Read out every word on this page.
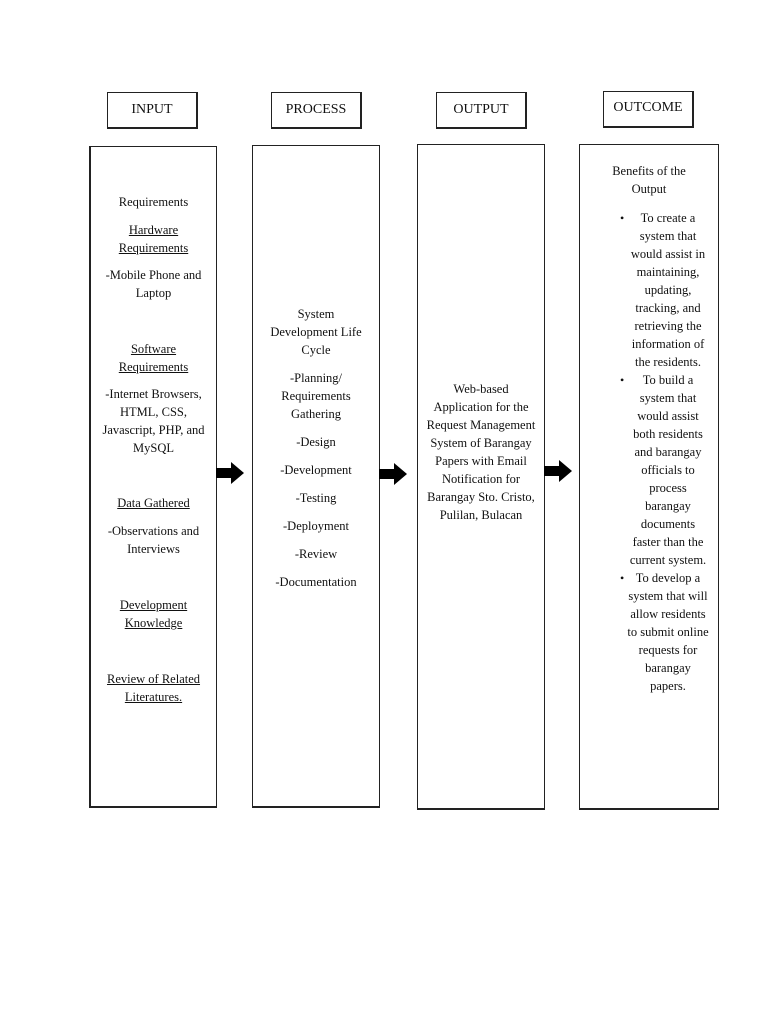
INPUT	PROCESS	OUTPUT	OUTCOME

Requirements

Hardware Requirements

-Mobile Phone and Laptop

Software Requirements

-Internet Browsers, HTML, CSS, Javascript, PHP, and MySQL

Data Gathered

-Observations and Interviews

Development Knowledge

Review of Related Literatures.

System Development Life Cycle

-Planning/ Requirements Gathering

-Design

-Development

-Testing

-Deployment

-Review

-Documentation

Web-based Application for the Request Management System of Barangay Papers with Email Notification for Barangay Sto. Cristo, Pulilan, Bulacan

Benefits of the Output

• To create a system that would assist in maintaining, updating, tracking, and retrieving the information of the residents.
• To build a system that would assist both residents and barangay officials to process barangay documents faster than the current system.
• To develop a system that will allow residents to submit online requests for barangay papers.
